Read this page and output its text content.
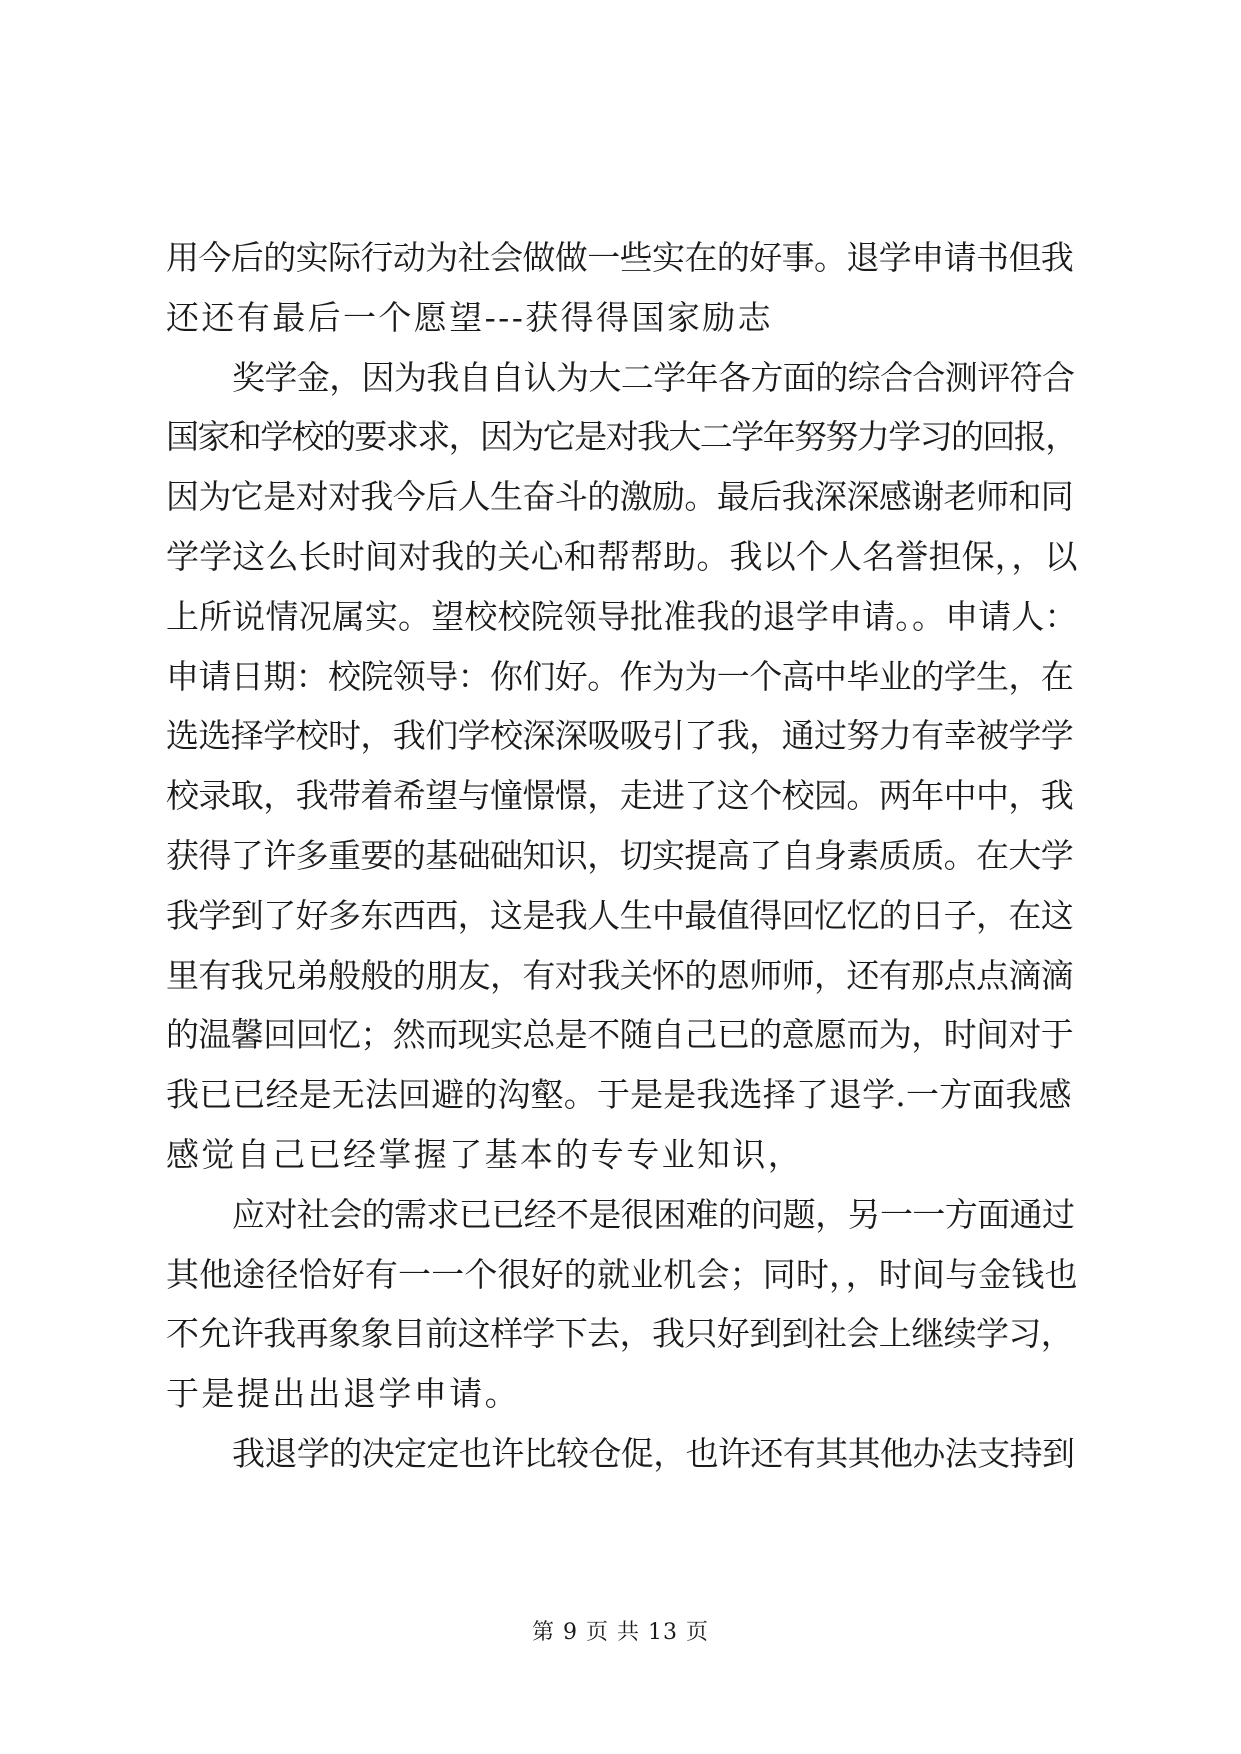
用今后的实际行动为社会做做一些实在的好事。退学申请书但我
还还有最后一个愿望---获得得国家励志
奖学金，因为我自自认为大二学年各方面的综合合测评符合
国家和学校的要求求，因为它是对我大二学年努努力学习的回报，
因为它是对对我今后人生奋斗的激励。最后我深深感谢老师和同
学学这么长时间对我的关心和帮帮助。我以个人名誉担保，，以
上所说情况属实。望校校院领导批准我的退学申请。。申请人：
申请日期：校院领导：你们好。作为为一个高中毕业的学生，在
选选择学校时，我们学校深深吸吸引了我，通过努力有幸被学学
校录取，我带着希望与憧憬憬，走进了这个校园。两年中中，我
获得了许多重要的基础础知识，切实提高了自身素质质。在大学
我学到了好多东西西，这是我人生中最值得回忆忆的日子，在这
里有我兄弟般般的朋友，有对我关怀的恩师师，还有那点点滴滴
的温馨回回忆；然而现实总是不随自己已的意愿而为，时间对于
我已已经是无法回避的沟壑。于是是我选择了退学.一方面我感
感觉自己已经掌握了基本的专专业知识，
应对社会的需求已已经不是很困难的问题，另一一方面通过
其他途径恰好有一一个很好的就业机会；同时，，时间与金钱也
不允许我再象象目前这样学下去，我只好到到社会上继续学习，
于是提出出退学申请。
我退学的决定定也许比较仓促，也许还有其其他办法支持到
第 9 页 共 13 页
